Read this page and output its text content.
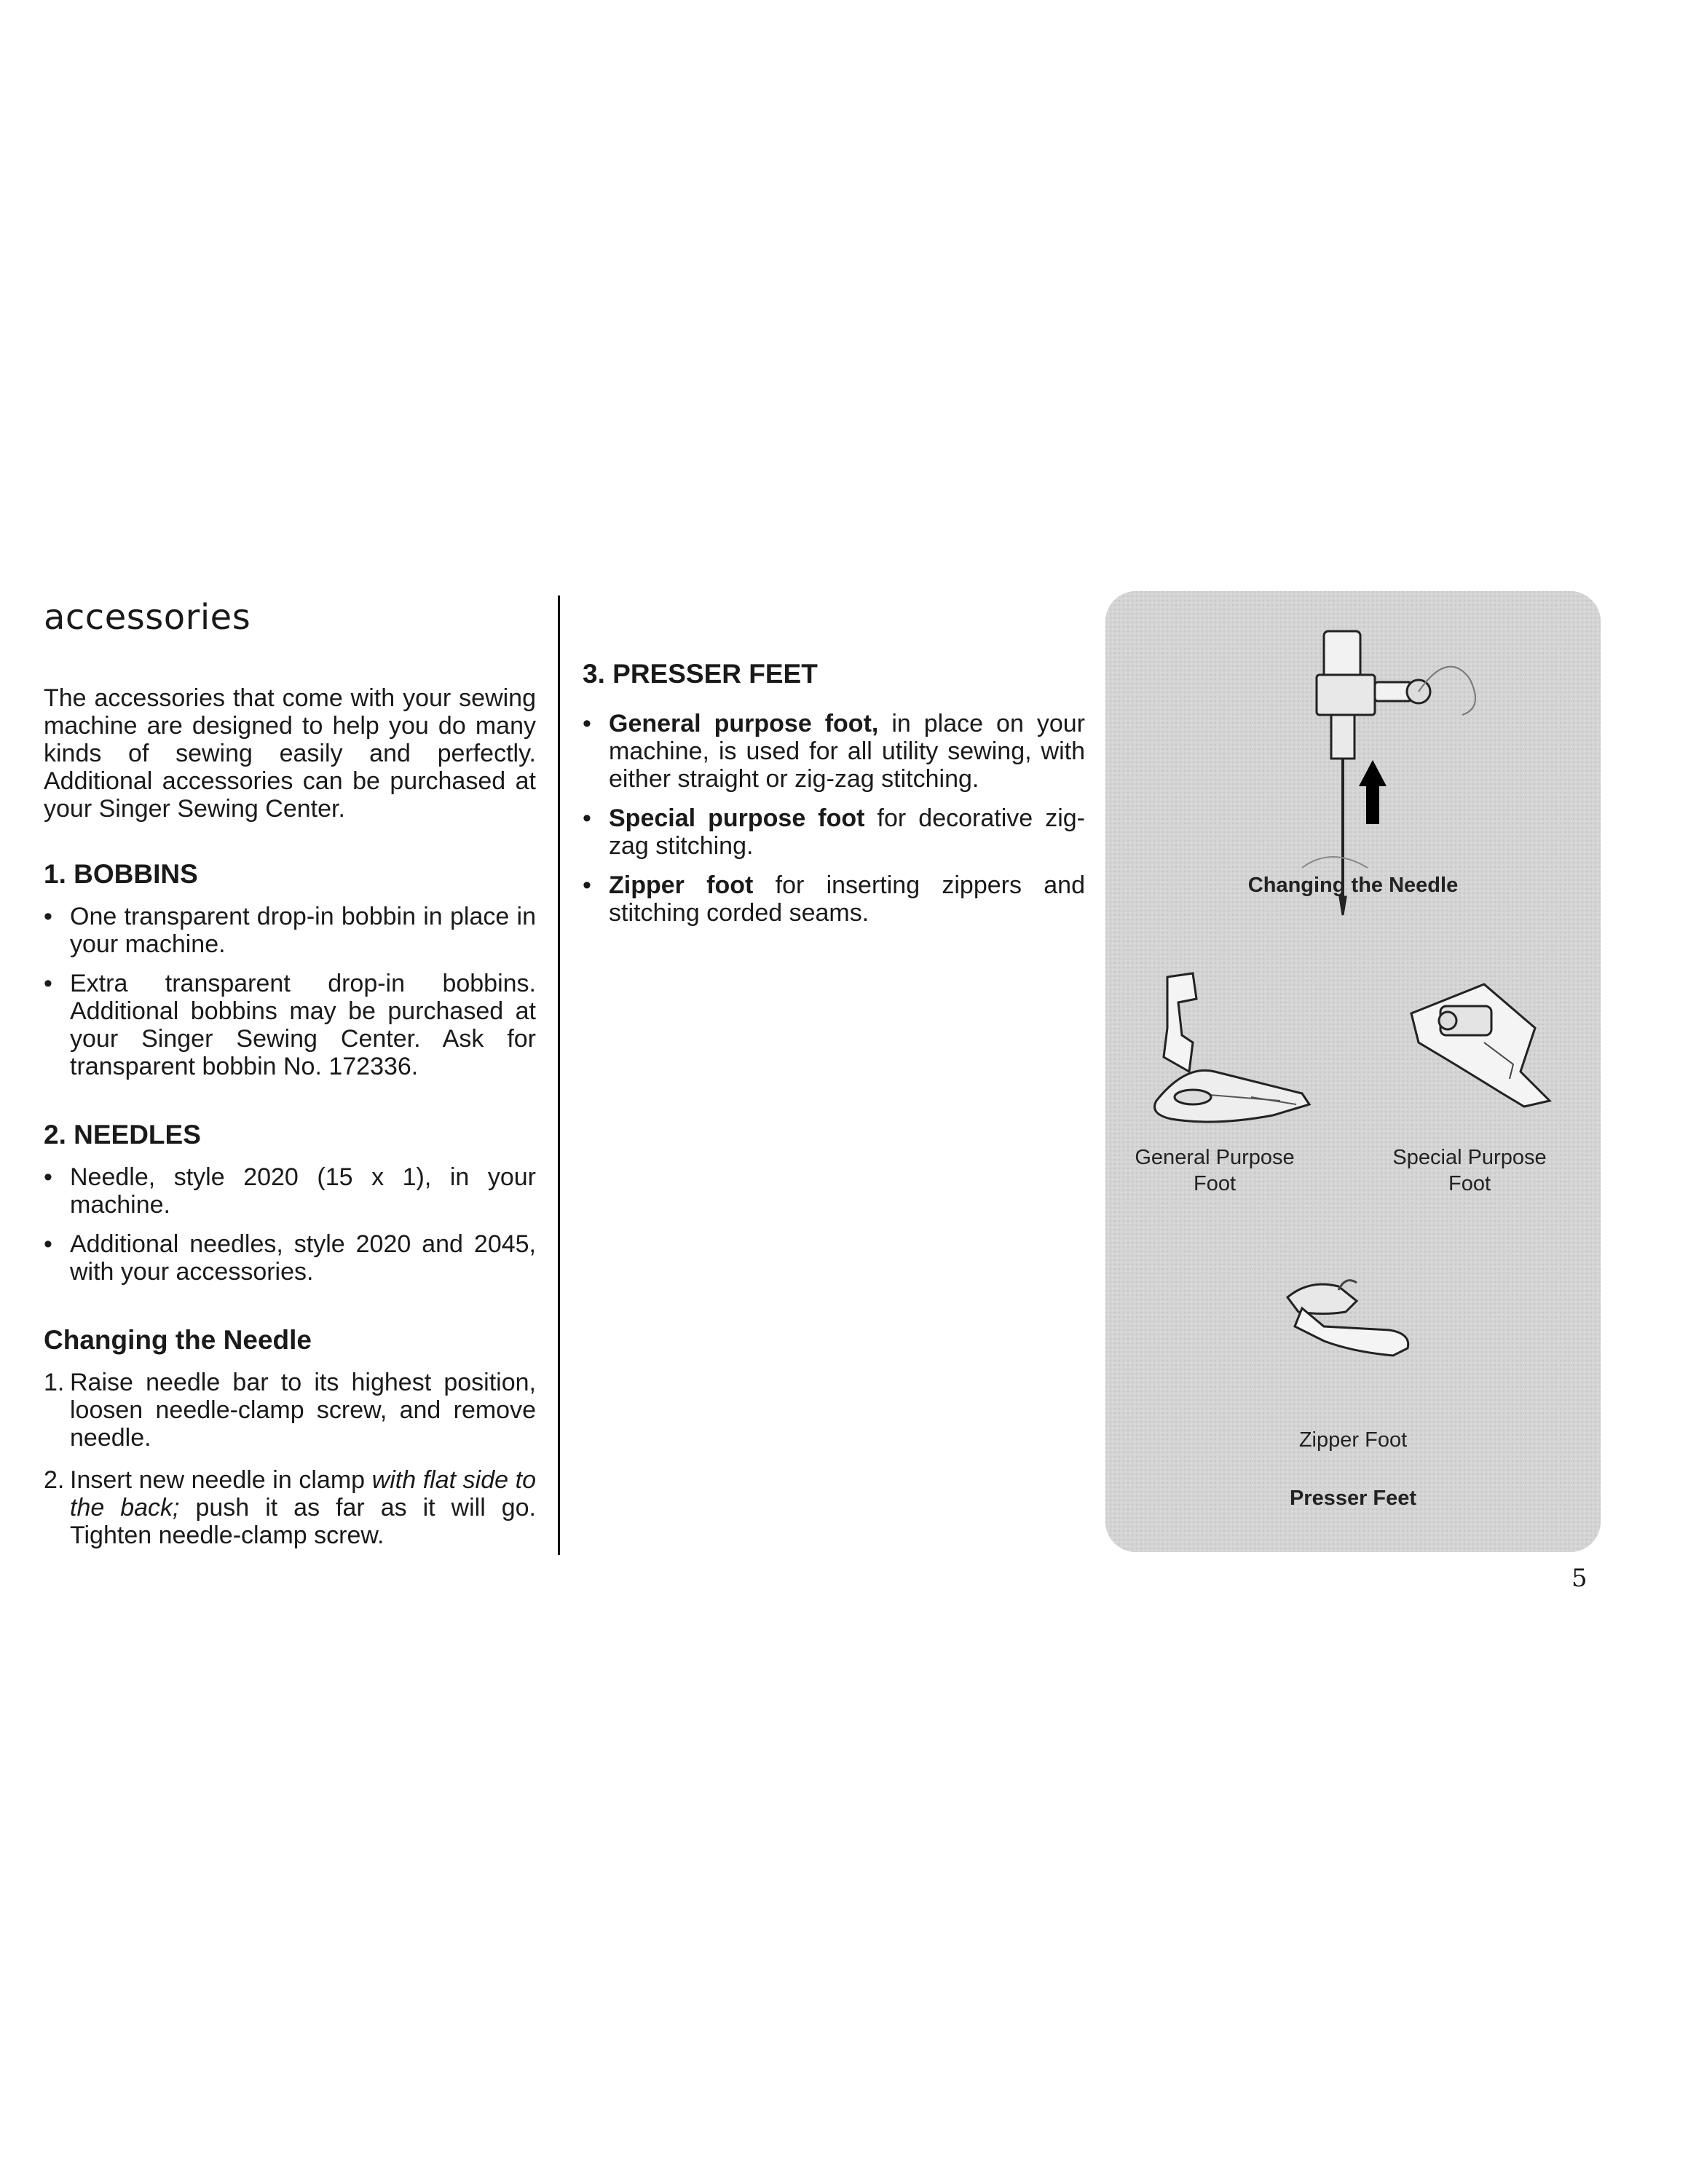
accessories

The accessories that come with your sewing machine are designed to help you do many kinds of sewing easily and perfectly. Additional accessories can be purchased at your Singer Sewing Center.

1. BOBBINS
• One transparent drop-in bobbin in place in your machine.
• Extra transparent drop-in bobbins. Additional bobbins may be purchased at your Singer Sewing Center. Ask for transparent bobbin No. 172336.
2. NEEDLES
• Needle, style 2020 (15 x 1), in your machine.
• Additional needles, style 2020 and 2045, with your accessories.
Changing the Needle
1. Raise needle bar to its highest position, loosen needle-clamp screw, and remove needle.
2. Insert new needle in clamp with flat side to the back; push it as far as it will go. Tighten needle-clamp screw.
3. PRESSER FEET
• General purpose foot, in place on your machine, is used for all utility sewing, with either straight or zig-zag stitching.
• Special purpose foot for decorative zig-zag stitching.
• Zipper foot for inserting zippers and stitching corded seams.
Changing the Needle
General Purpose Foot
Special Purpose Foot
Zipper Foot
Presser Feet
5
